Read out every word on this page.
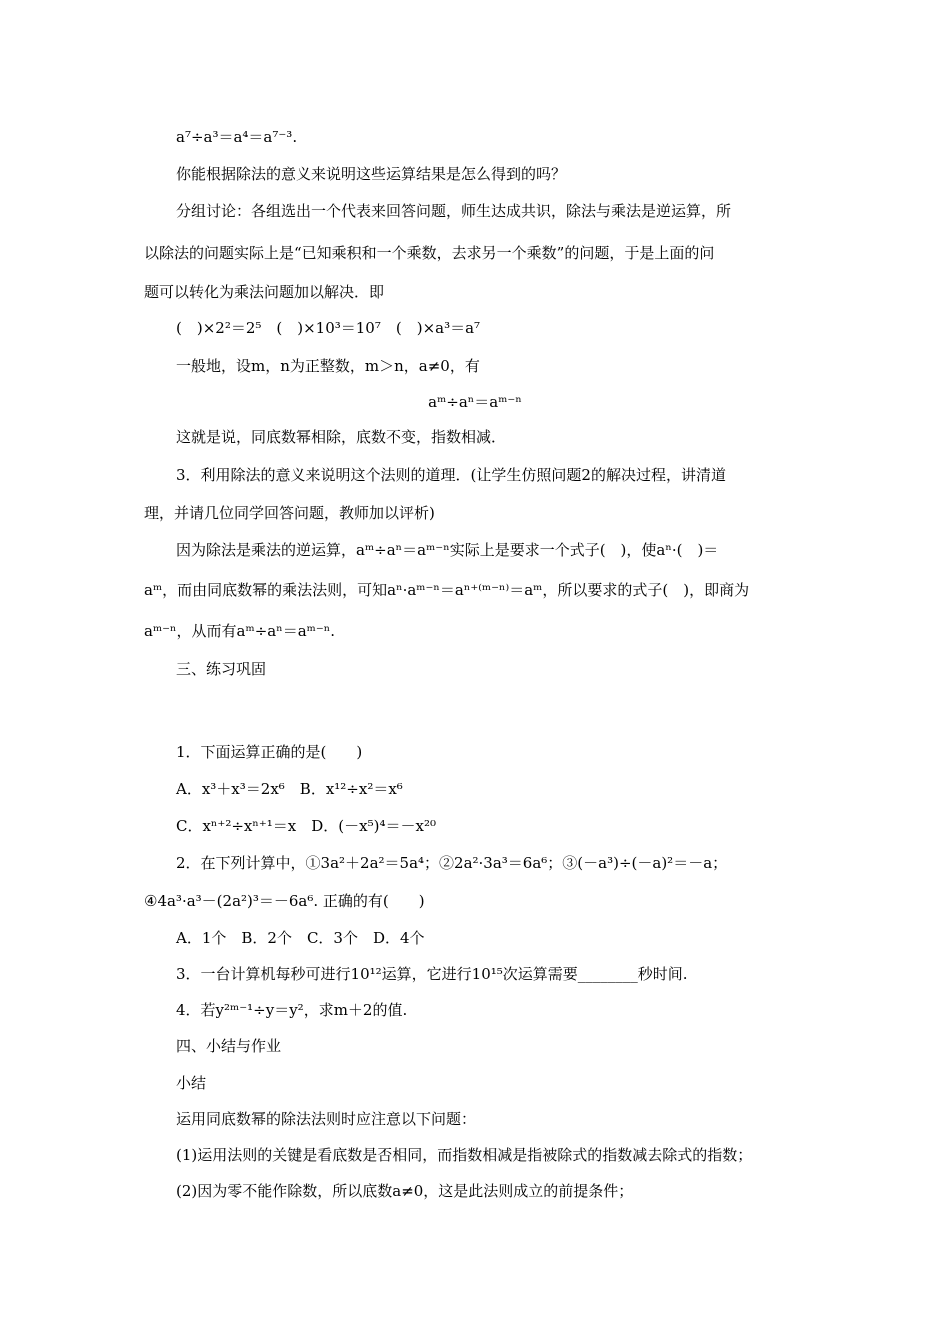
a⁷÷a³＝a⁴＝a⁷⁻³.
你能根据除法的意义来说明这些运算结果是怎么得到的吗？
分组讨论：各组选出一个代表来回答问题，师生达成共识，除法与乘法是逆运算，所
以除法的问题实际上是“已知乘积和一个乘数，去求另一个乘数”的问题，于是上面的问
题可以转化为乘法问题加以解决．即
(　)×2²＝2⁵　(　)×10³＝10⁷　(　)×a³＝a⁷
一般地，设m，n为正整数，m＞n，a≠0，有
aᵐ÷aⁿ＝aᵐ⁻ⁿ
这就是说，同底数幂相除，底数不变，指数相减．
3．利用除法的意义来说明这个法则的道理．(让学生仿照问题2的解决过程，讲清道
理，并请几位同学回答问题，教师加以评析)
因为除法是乘法的逆运算，aᵐ÷aⁿ＝aᵐ⁻ⁿ实际上是要求一个式子(　)，使aⁿ·(　)＝
aᵐ，而由同底数幂的乘法法则，可知aⁿ·aᵐ⁻ⁿ＝aⁿ⁺⁽ᵐ⁻ⁿ⁾＝aᵐ，所以要求的式子(　)，即商为
aᵐ⁻ⁿ，从而有aᵐ÷aⁿ＝aᵐ⁻ⁿ.
三、练习巩固
1．下面运算正确的是(　　)
A．x³＋x³＝2x⁶　B．x¹²÷x²＝x⁶
C．xⁿ⁺²÷xⁿ⁺¹＝x　D．(－x⁵)⁴＝－x²⁰
2．在下列计算中，①3a²＋2a²＝5a⁴；②2a²·3a³＝6a⁶；③(－a³)÷(－a)²＝－a；
④4a³·a³－(2a²)³＝－6a⁶. 正确的有(　　)
A．1个　B．2个　C．3个　D．4个
3．一台计算机每秒可进行10¹²运算，它进行10¹⁵次运算需要________秒时间.
4．若y²ᵐ⁻¹÷y＝y²，求m＋2的值.
四、小结与作业
小结
运用同底数幂的除法法则时应注意以下问题：
(1)运用法则的关键是看底数是否相同，而指数相减是指被除式的指数减去除式的指数；
(2)因为零不能作除数，所以底数a≠0，这是此法则成立的前提条件；
